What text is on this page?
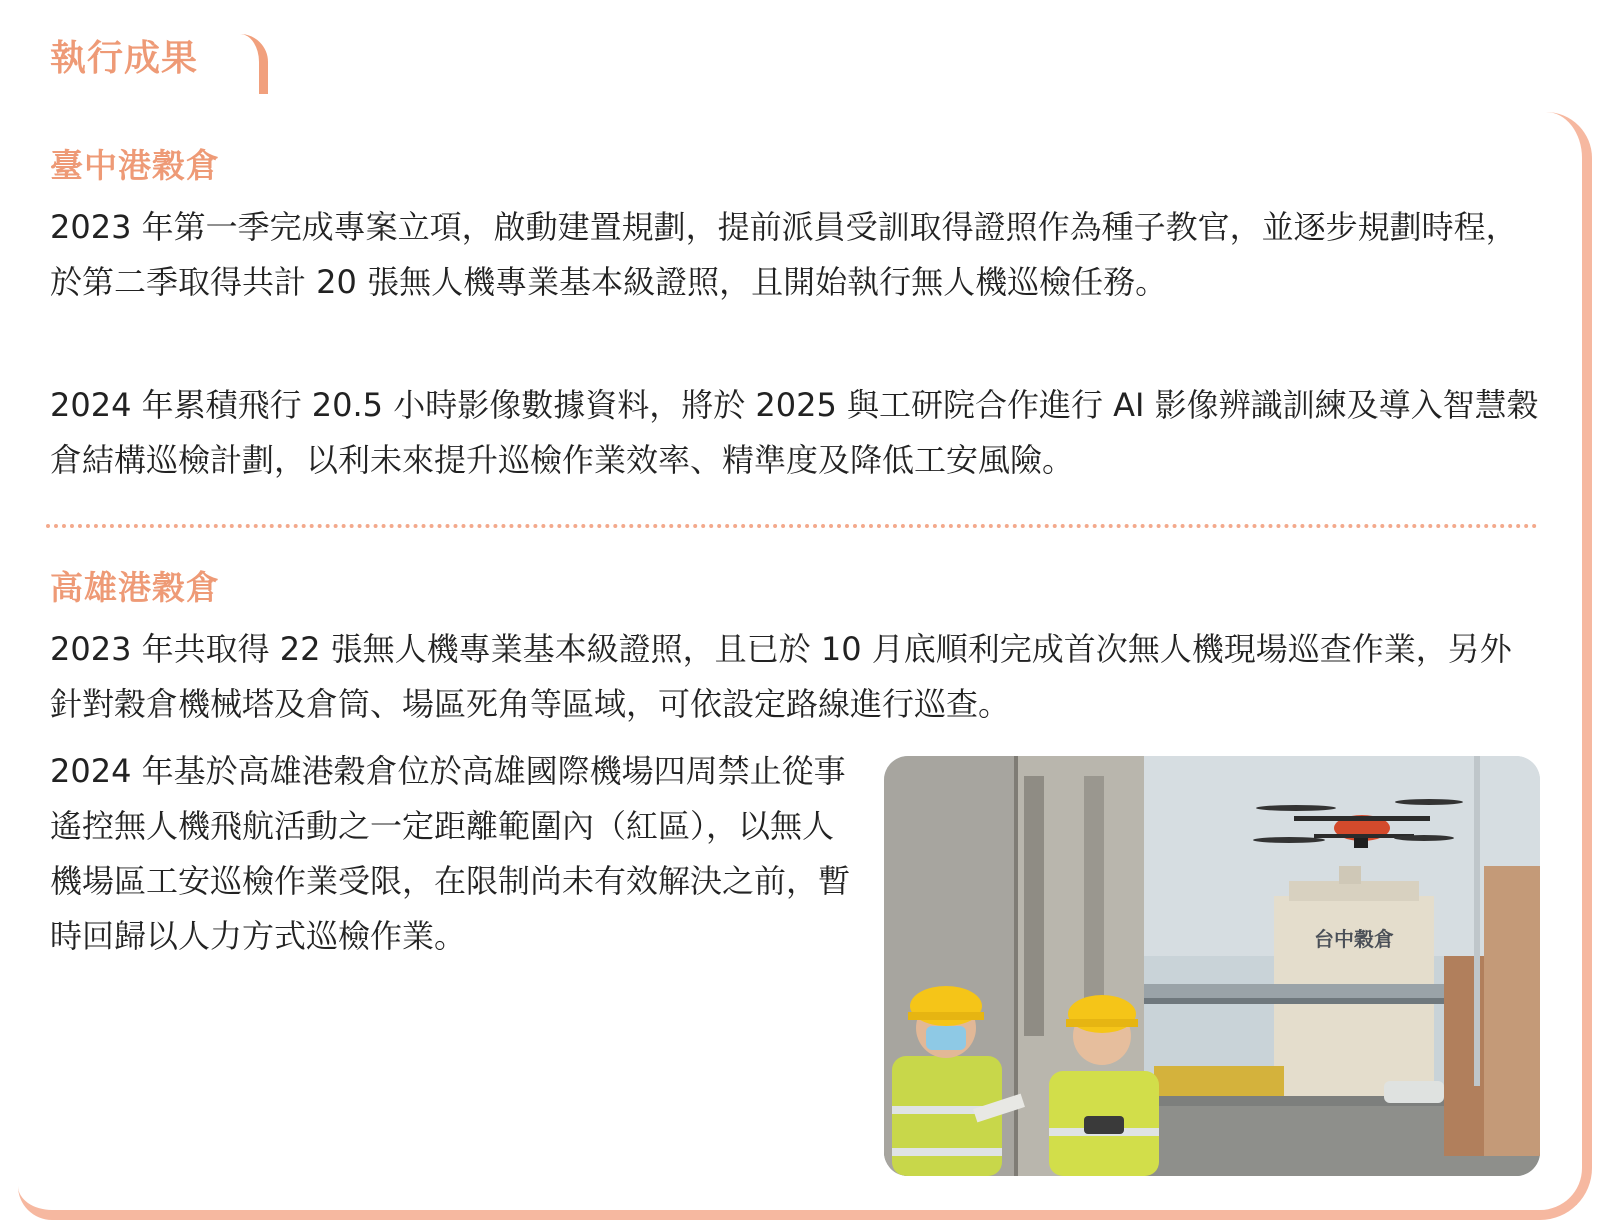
執行成果
臺中港穀倉

2023 年第一季完成專案立項，啟動建置規劃，提前派員受訓取得證照作為種子教官，並逐步規劃時程，於第二季取得共計 20 張無人機專業基本級證照，且開始執行無人機巡檢任務。

2024 年累積飛行 20.5 小時影像數據資料，將於 2025 與工研院合作進行 AI 影像辨識訓練及導入智慧穀倉結構巡檢計劃，以利未來提升巡檢作業效率、精準度及降低工安風險。

高雄港穀倉

2023 年共取得 22 張無人機專業基本級證照，且已於 10 月底順利完成首次無人機現場巡查作業，另外針對穀倉機械塔及倉筒、場區死角等區域，可依設定路線進行巡查。

2024 年基於高雄港穀倉位於高雄國際機場四周禁止從事遙控無人機飛航活動之一定距離範圍內（紅區），以無人機場區工安巡檢作業受限，在限制尚未有效解決之前，暫時回歸以人力方式巡檢作業。	台中穀倉
